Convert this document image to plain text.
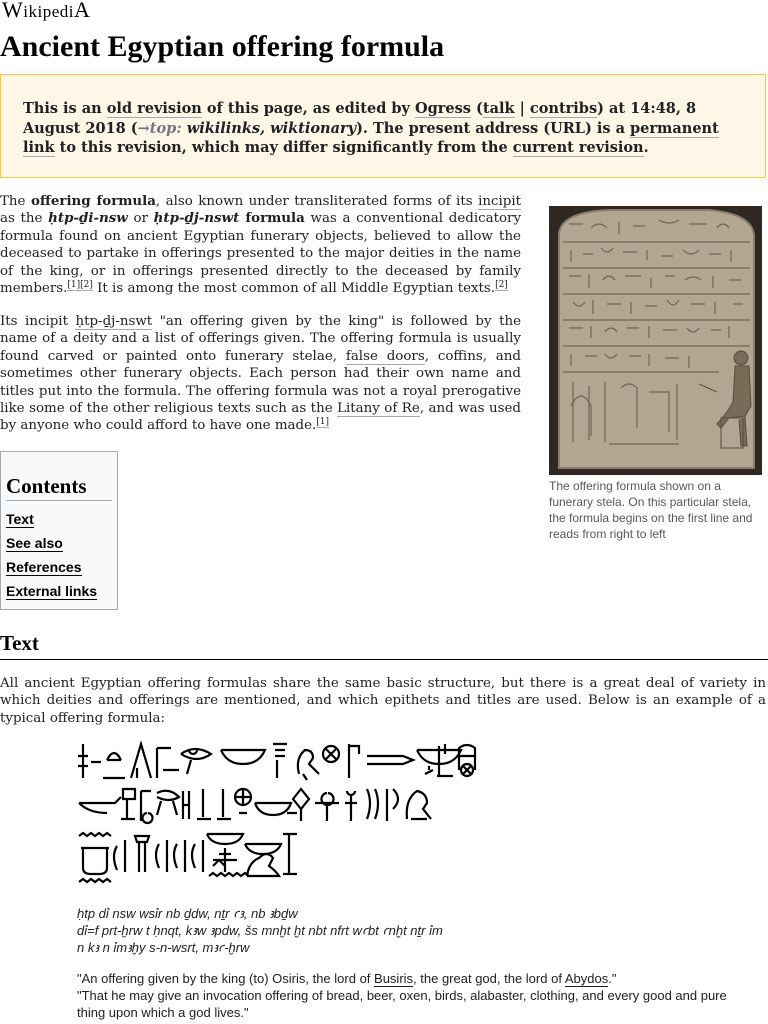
WikipediA
Ancient Egyptian offering formula
This is an old revision of this page, as edited by Ogress (talk | contribs) at 14:48, 8 August 2018 (→top: wikilinks, wiktionary). The present address (URL) is a permanent link to this revision, which may differ significantly from the current revision.
The offering formula, also known under transliterated forms of its incipit as the ḥtp-ḏi-nsw or ḥtp-ḏj-nswt formula was a conventional dedicatory formula found on ancient Egyptian funerary objects, believed to allow the deceased to partake in offerings presented to the major deities in the name of the king, or in offerings presented directly to the deceased by family members.[1][2] It is among the most common of all Middle Egyptian texts.[2]
Its incipit ḥtp-ḏj-nswt "an offering given by the king" is followed by the name of a deity and a list of offerings given. The offering formula is usually found carved or painted onto funerary stelae, false doors, coffins, and sometimes other funerary objects. Each person had their own name and titles put into the formula. The offering formula was not a royal prerogative like some of the other religious texts such as the Litany of Re, and was used by anyone who could afford to have one made.[1]
The offering formula shown on a funerary stela. On this particular stela, the formula begins on the first line and reads from right to left
Contents
Text
See also
References
External links
Text
All ancient Egyptian offering formulas share the same basic structure, but there is a great deal of variety in which deities and offerings are mentioned, and which epithets and titles are used. Below is an example of a typical offering formula:
ḥtp dỉ nsw wsỉr nb ḏdw, nṯr ꜥꜣ, nb ꜣbḏw
dỉ=f prt-ḫrw t ḥnqt, kꜣw ꜣpdw, šs mnḫt ḫt nbt nfrt wꜥbt ꜥnḫt nṯr ỉm
n kꜣ n ỉmꜣḫy s-n-wsrt, mꜣꜥ-ḫrw
"An offering given by the king (to) Osiris, the lord of Busiris, the great god, the lord of Abydos."
"That he may give an invocation offering of bread, beer, oxen, birds, alabaster, clothing, and every good and pure thing upon which a god lives."
